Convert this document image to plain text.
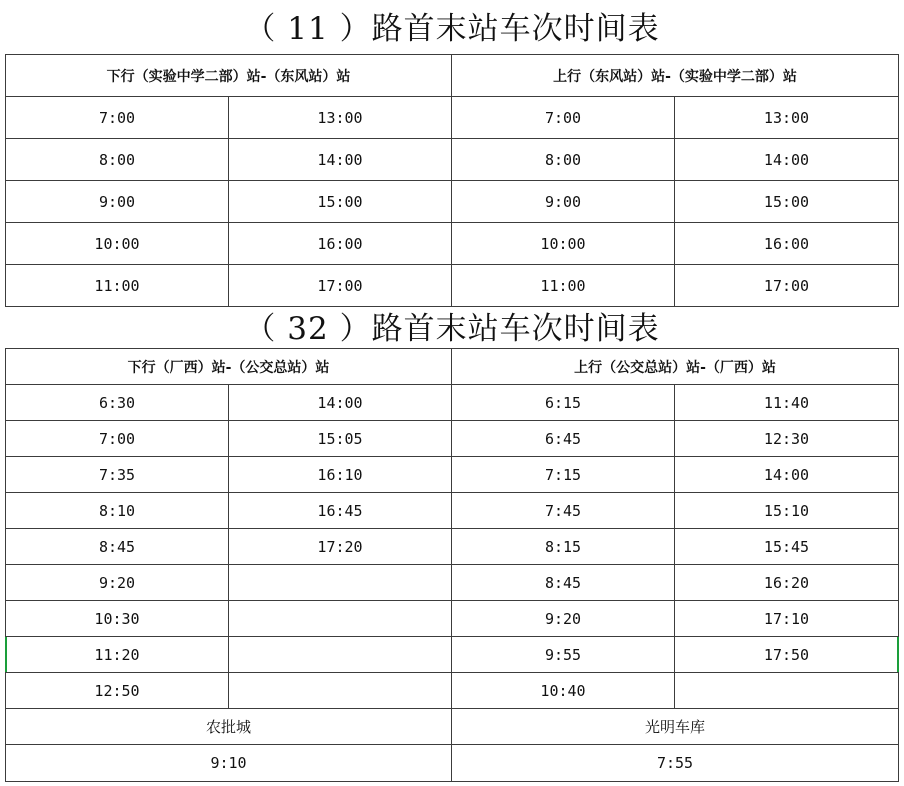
（ 11 ）路首末站车次时间表
下行（实验中学二部）站-（东风站）站		上行（东风站）站-（实验中学二部）站	
7:00	13:00	7:00	13:00
8:00	14:00	8:00	14:00
9:00	15:00	9:00	15:00
10:00	16:00	10:00	16:00
11:00	17:00	11:00	17:00
（ 32 ）路首末站车次时间表
下行（厂西）站-（公交总站）站		上行（公交总站）站-（厂西）站	
6:30	14:00	6:15	11:40
7:00	15:05	6:45	12:30
7:35	16:10	7:15	14:00
8:10	16:45	7:45	15:10
8:45	17:20	8:15	15:45
9:20		8:45	16:20
10:30		9:20	17:10
11:20		9:55	17:50
12:50		10:40	
农批城		光明车库	
9:10		7:55	
